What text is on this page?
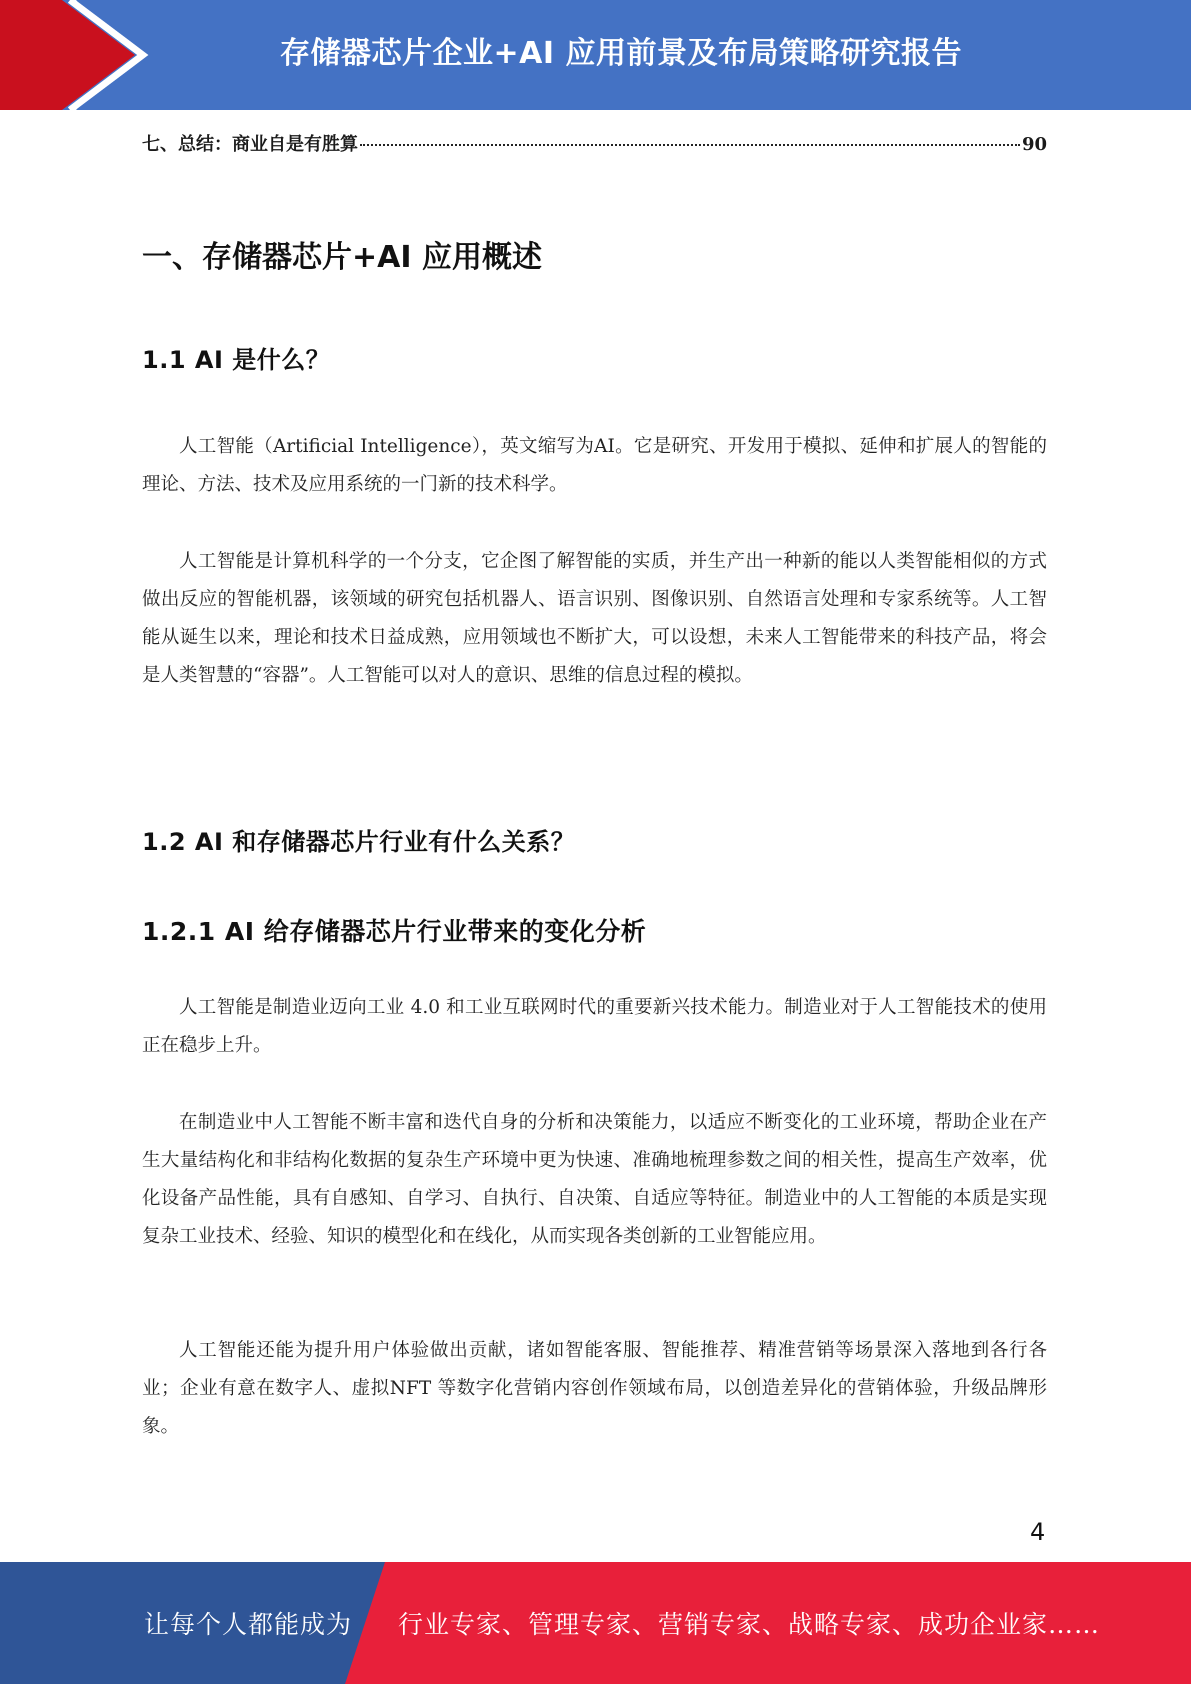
存储器芯片企业+AI 应用前景及布局策略研究报告
七、总结：商业自是有胜算	90
一、存储器芯片+AI 应用概述
1.1 AI 是什么？

人工智能（Artificial Intelligence），英文缩写为AI。它是研究、开发用于模拟、延伸和扩展人的智能的理论、方法、技术及应用系统的一门新的技术科学。

人工智能是计算机科学的一个分支，它企图了解智能的实质，并生产出一种新的能以人类智能相似的方式做出反应的智能机器，该领域的研究包括机器人、语言识别、图像识别、自然语言处理和专家系统等。人工智能从诞生以来，理论和技术日益成熟，应用领域也不断扩大，可以设想，未来人工智能带来的科技产品，将会是人类智慧的“容器”。人工智能可以对人的意识、思维的信息过程的模拟。

1.2 AI 和存储器芯片行业有什么关系？
1.2.1 AI 给存储器芯片行业带来的变化分析

人工智能是制造业迈向工业 4.0 和工业互联网时代的重要新兴技术能力。制造业对于人工智能技术的使用正在稳步上升。

在制造业中人工智能不断丰富和迭代自身的分析和决策能力，以适应不断变化的工业环境，帮助企业在产生大量结构化和非结构化数据的复杂生产环境中更为快速、准确地梳理参数之间的相关性，提高生产效率，优化设备产品性能，具有自感知、自学习、自执行、自决策、自适应等特征。制造业中的人工智能的本质是实现复杂工业技术、经验、知识的模型化和在线化，从而实现各类创新的工业智能应用。

人工智能还能为提升用户体验做出贡献，诸如智能客服、智能推荐、精准营销等场景深入落地到各行各业；企业有意在数字人、虚拟NFT 等数字化营销内容创作领域布局，以创造差异化的营销体验，升级品牌形象。

4
让每个人都能成为 行业专家、管理专家、营销专家、战略专家、成功企业家……
